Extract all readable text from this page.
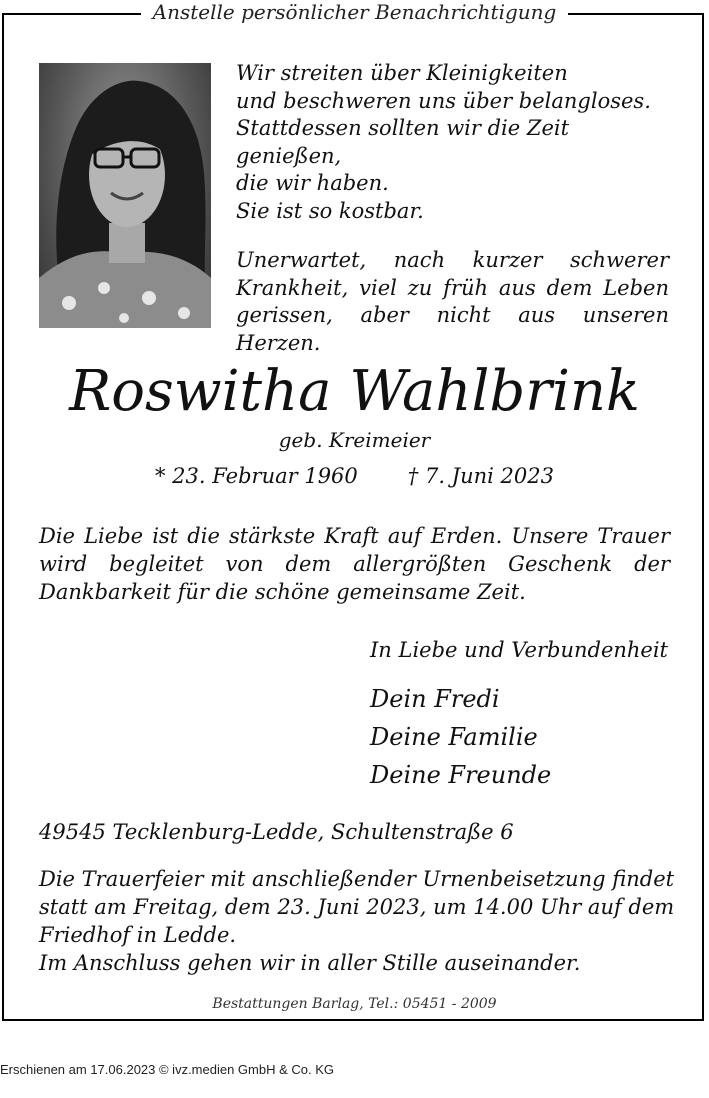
Anstelle persönlicher Benachrichtigung

Wir streiten über Kleinigkeiten
und beschweren uns über belangloses.
Stattdessen sollten wir die Zeit genießen,
die wir haben.
Sie ist so kostbar.

Unerwartet, nach kurzer schwerer Krankheit, viel zu früh aus dem Leben gerissen, aber nicht aus unseren Herzen.

Roswitha Wahlbrink
geb. Kreimeier
* 23. Februar 1960 † 7. Juni 2023

Die Liebe ist die stärkste Kraft auf Erden. Unsere Trauer wird begleitet von dem allergrößten Geschenk der Dankbarkeit für die schöne gemeinsame Zeit.

In Liebe und Verbundenheit
Dein Fredi
Deine Familie
Deine Freunde
49545 Tecklenburg-Ledde, Schultenstraße 6
Die Trauerfeier mit anschließender Urnenbeisetzung findet
statt am Freitag, dem 23. Juni 2023, um 14.00 Uhr auf dem
Friedhof in Ledde.
Im Anschluss gehen wir in aller Stille auseinander.
Bestattungen Barlag, Tel.: 05451 - 2009
Erschienen am 17.06.2023 © ivz.medien GmbH & Co. KG
